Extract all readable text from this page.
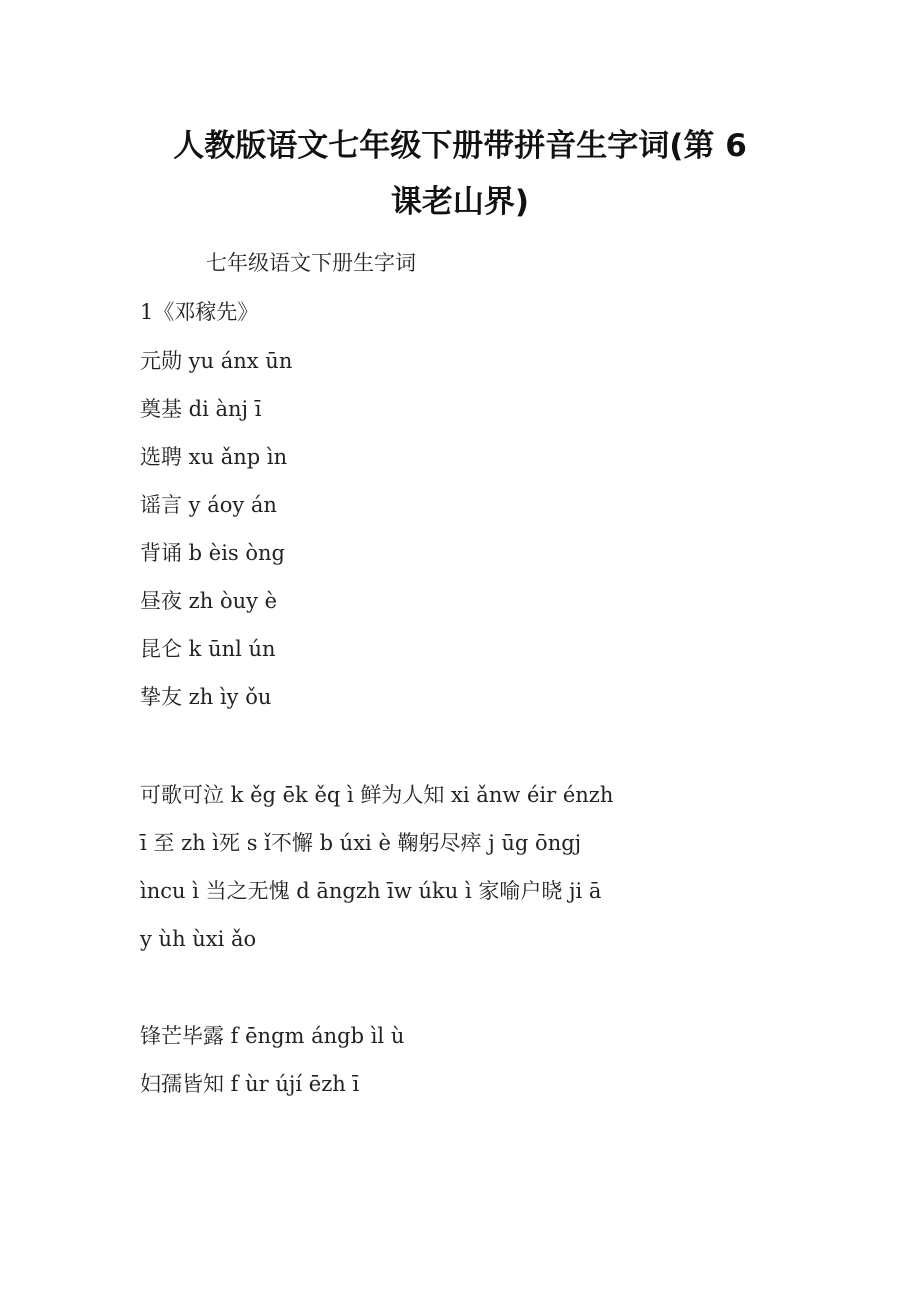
人教版语文七年级下册带拼音生字词(第 6
课老山界)
七年级语文下册生字词
1《邓稼先》
元勋 yu ánx ūn
奠基 di ànj ī
选聘 xu ǎnp ìn
谣言 y áoy án
背诵 b èis òng
昼夜 zh òuy è
昆仑 k ūnl ún
挚友 zh ìy ǒu
可歌可泣 k ěg ēk ěq ì 鲜为人知 xi ǎnw éir énzh
ī 至 zh ì死 s ǐ不懈 b úxi è 鞠躬尽瘁 j ūg ōngj
ìncu ì 当之无愧 d āngzh īw úku ì 家喻户晓 ji ā
y ùh ùxi ǎo
锋芒毕露 f ēngm ángb ìl ù
妇孺皆知 f ùr újí ēzh ī
